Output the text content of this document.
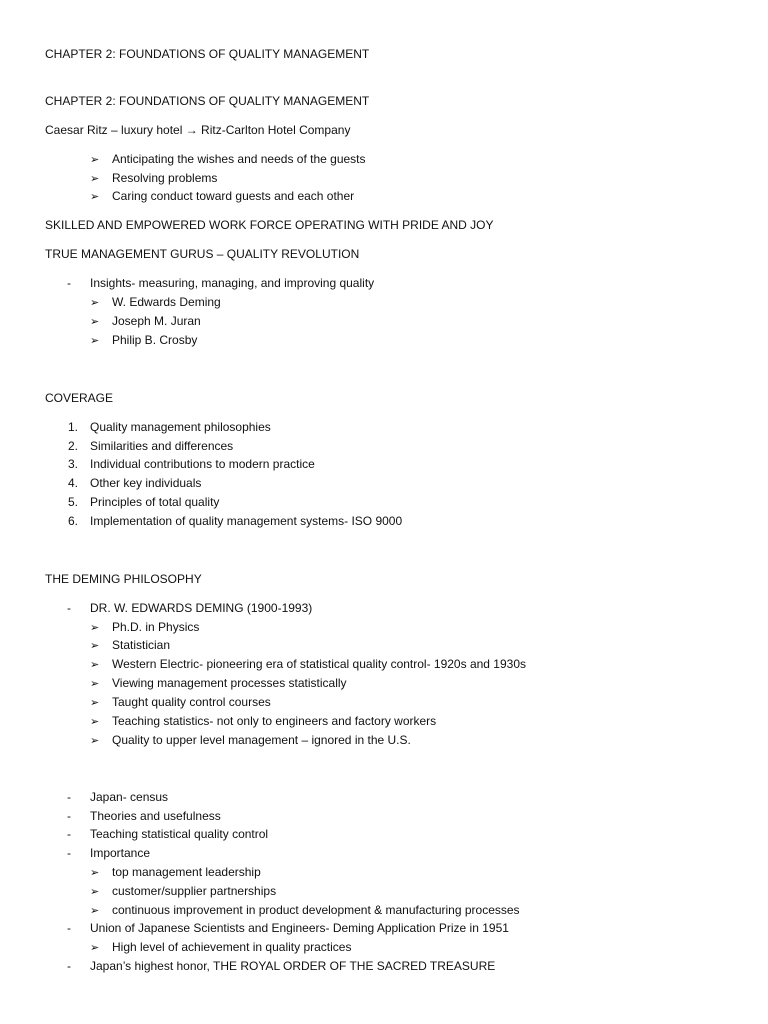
CHAPTER 2: FOUNDATIONS OF QUALITY MANAGEMENT
CHAPTER 2: FOUNDATIONS OF QUALITY MANAGEMENT
Caesar Ritz – luxury hotel → Ritz-Carlton Hotel Company
➢ Anticipating the wishes and needs of the guests
➢ Resolving problems
➢ Caring conduct toward guests and each other
SKILLED AND EMPOWERED WORK FORCE OPERATING WITH PRIDE AND JOY
TRUE MANAGEMENT GURUS – QUALITY REVOLUTION
- Insights- measuring, managing, and improving quality
➢ W. Edwards Deming
➢ Joseph M. Juran
➢ Philip B. Crosby
COVERAGE
1. Quality management philosophies
2. Similarities and differences
3. Individual contributions to modern practice
4. Other key individuals
5. Principles of total quality
6. Implementation of quality management systems- ISO 9000
THE DEMING PHILOSOPHY
- DR. W. EDWARDS DEMING (1900-1993)
➢ Ph.D. in Physics
➢ Statistician
➢ Western Electric- pioneering era of statistical quality control- 1920s and 1930s
➢ Viewing management processes statistically
➢ Taught quality control courses
➢ Teaching statistics- not only to engineers and factory workers
➢ Quality to upper level management – ignored in the U.S.
- Japan- census
- Theories and usefulness
- Teaching statistical quality control
- Importance
➢ top management leadership
➢ customer/supplier partnerships
➢ continuous improvement in product development & manufacturing processes
- Union of Japanese Scientists and Engineers- Deming Application Prize in 1951
➢ High level of achievement in quality practices
- Japan’s highest honor, THE ROYAL ORDER OF THE SACRED TREASURE
